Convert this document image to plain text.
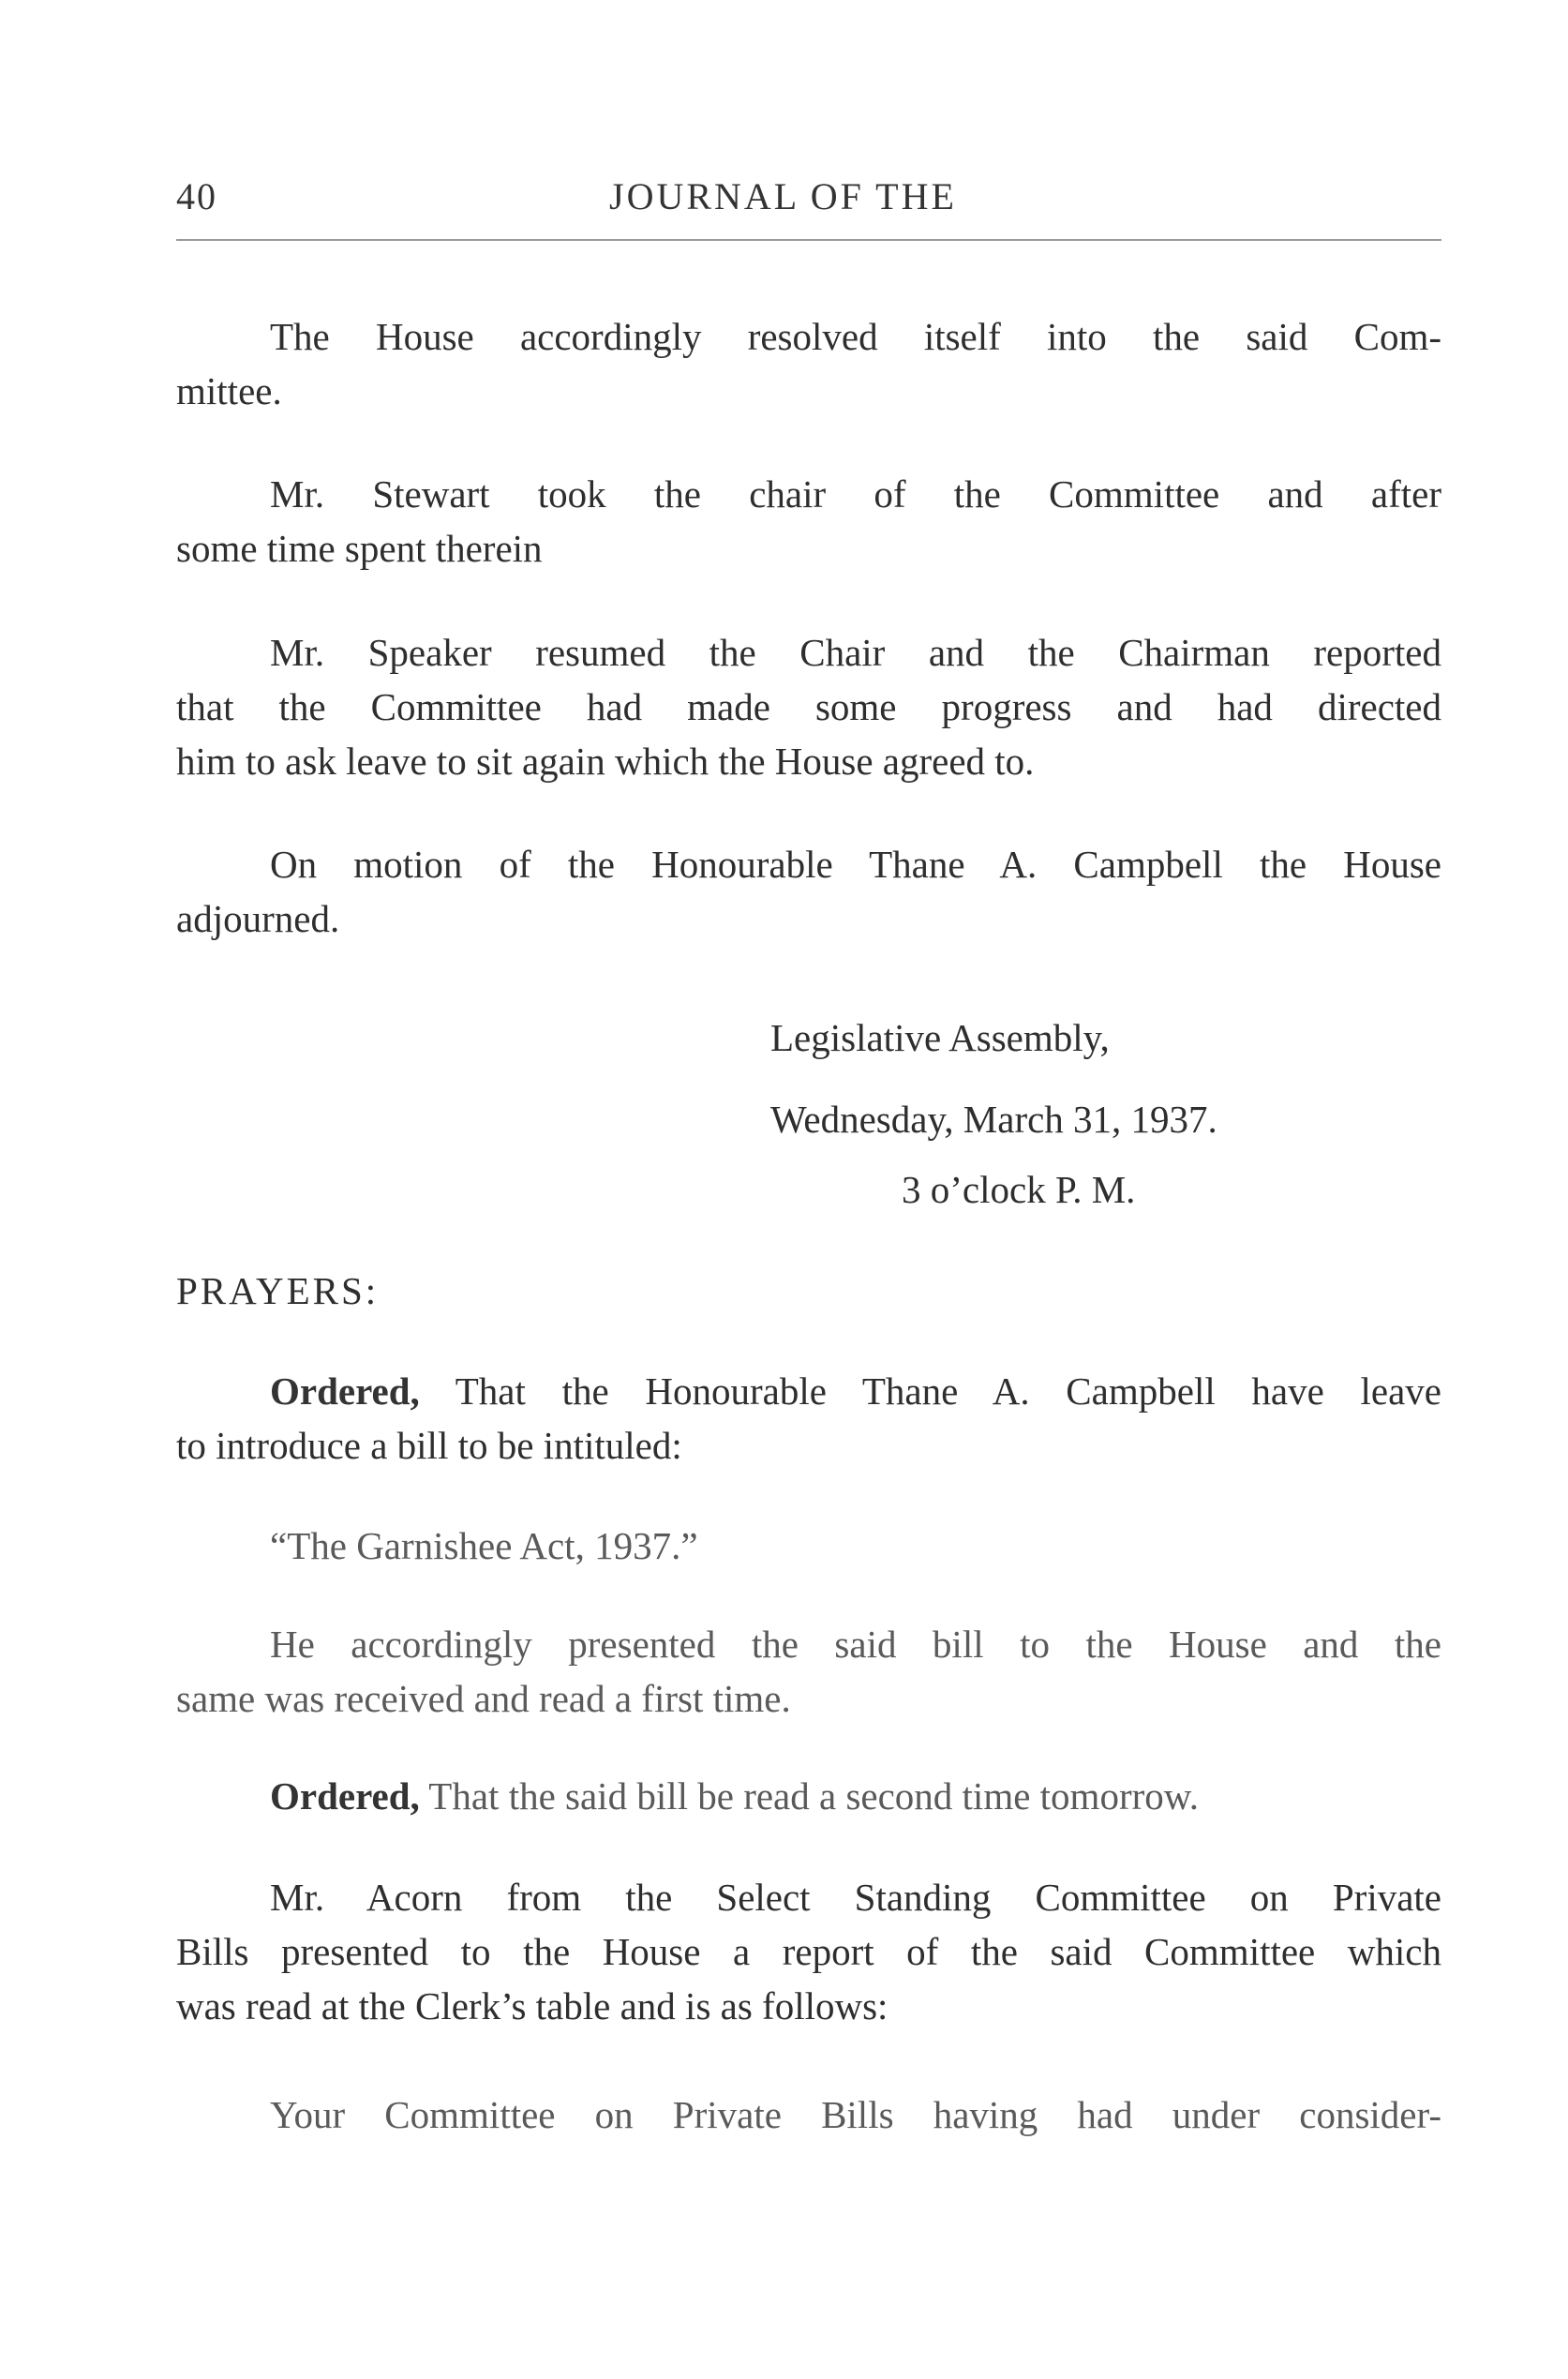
40	JOURNAL OF THE
The House accordingly resolved itself into the said Com-
mittee.
Mr. Stewart took the chair of the Committee and after
some time spent therein
Mr. Speaker resumed the Chair and the Chairman reported
that the Committee had made some progress and had directed
him to ask leave to sit again which the House agreed to.
On motion of the Honourable Thane A. Campbell the House
adjourned.
Legislative Assembly,
Wednesday, March 31, 1937.
3 o’clock P. M.
PRAYERS:
Ordered, That the Honourable Thane A. Campbell have leave
to introduce a bill to be intituled:
“The Garnishee Act, 1937.”
He accordingly presented the said bill to the House and the
same was received and read a first time.
Ordered, That the said bill be read a second time tomorrow.
Mr. Acorn from the Select Standing Committee on Private
Bills presented to the House a report of the said Committee which
was read at the Clerk’s table and is as follows:
Your Committee on Private Bills having had under consider-
